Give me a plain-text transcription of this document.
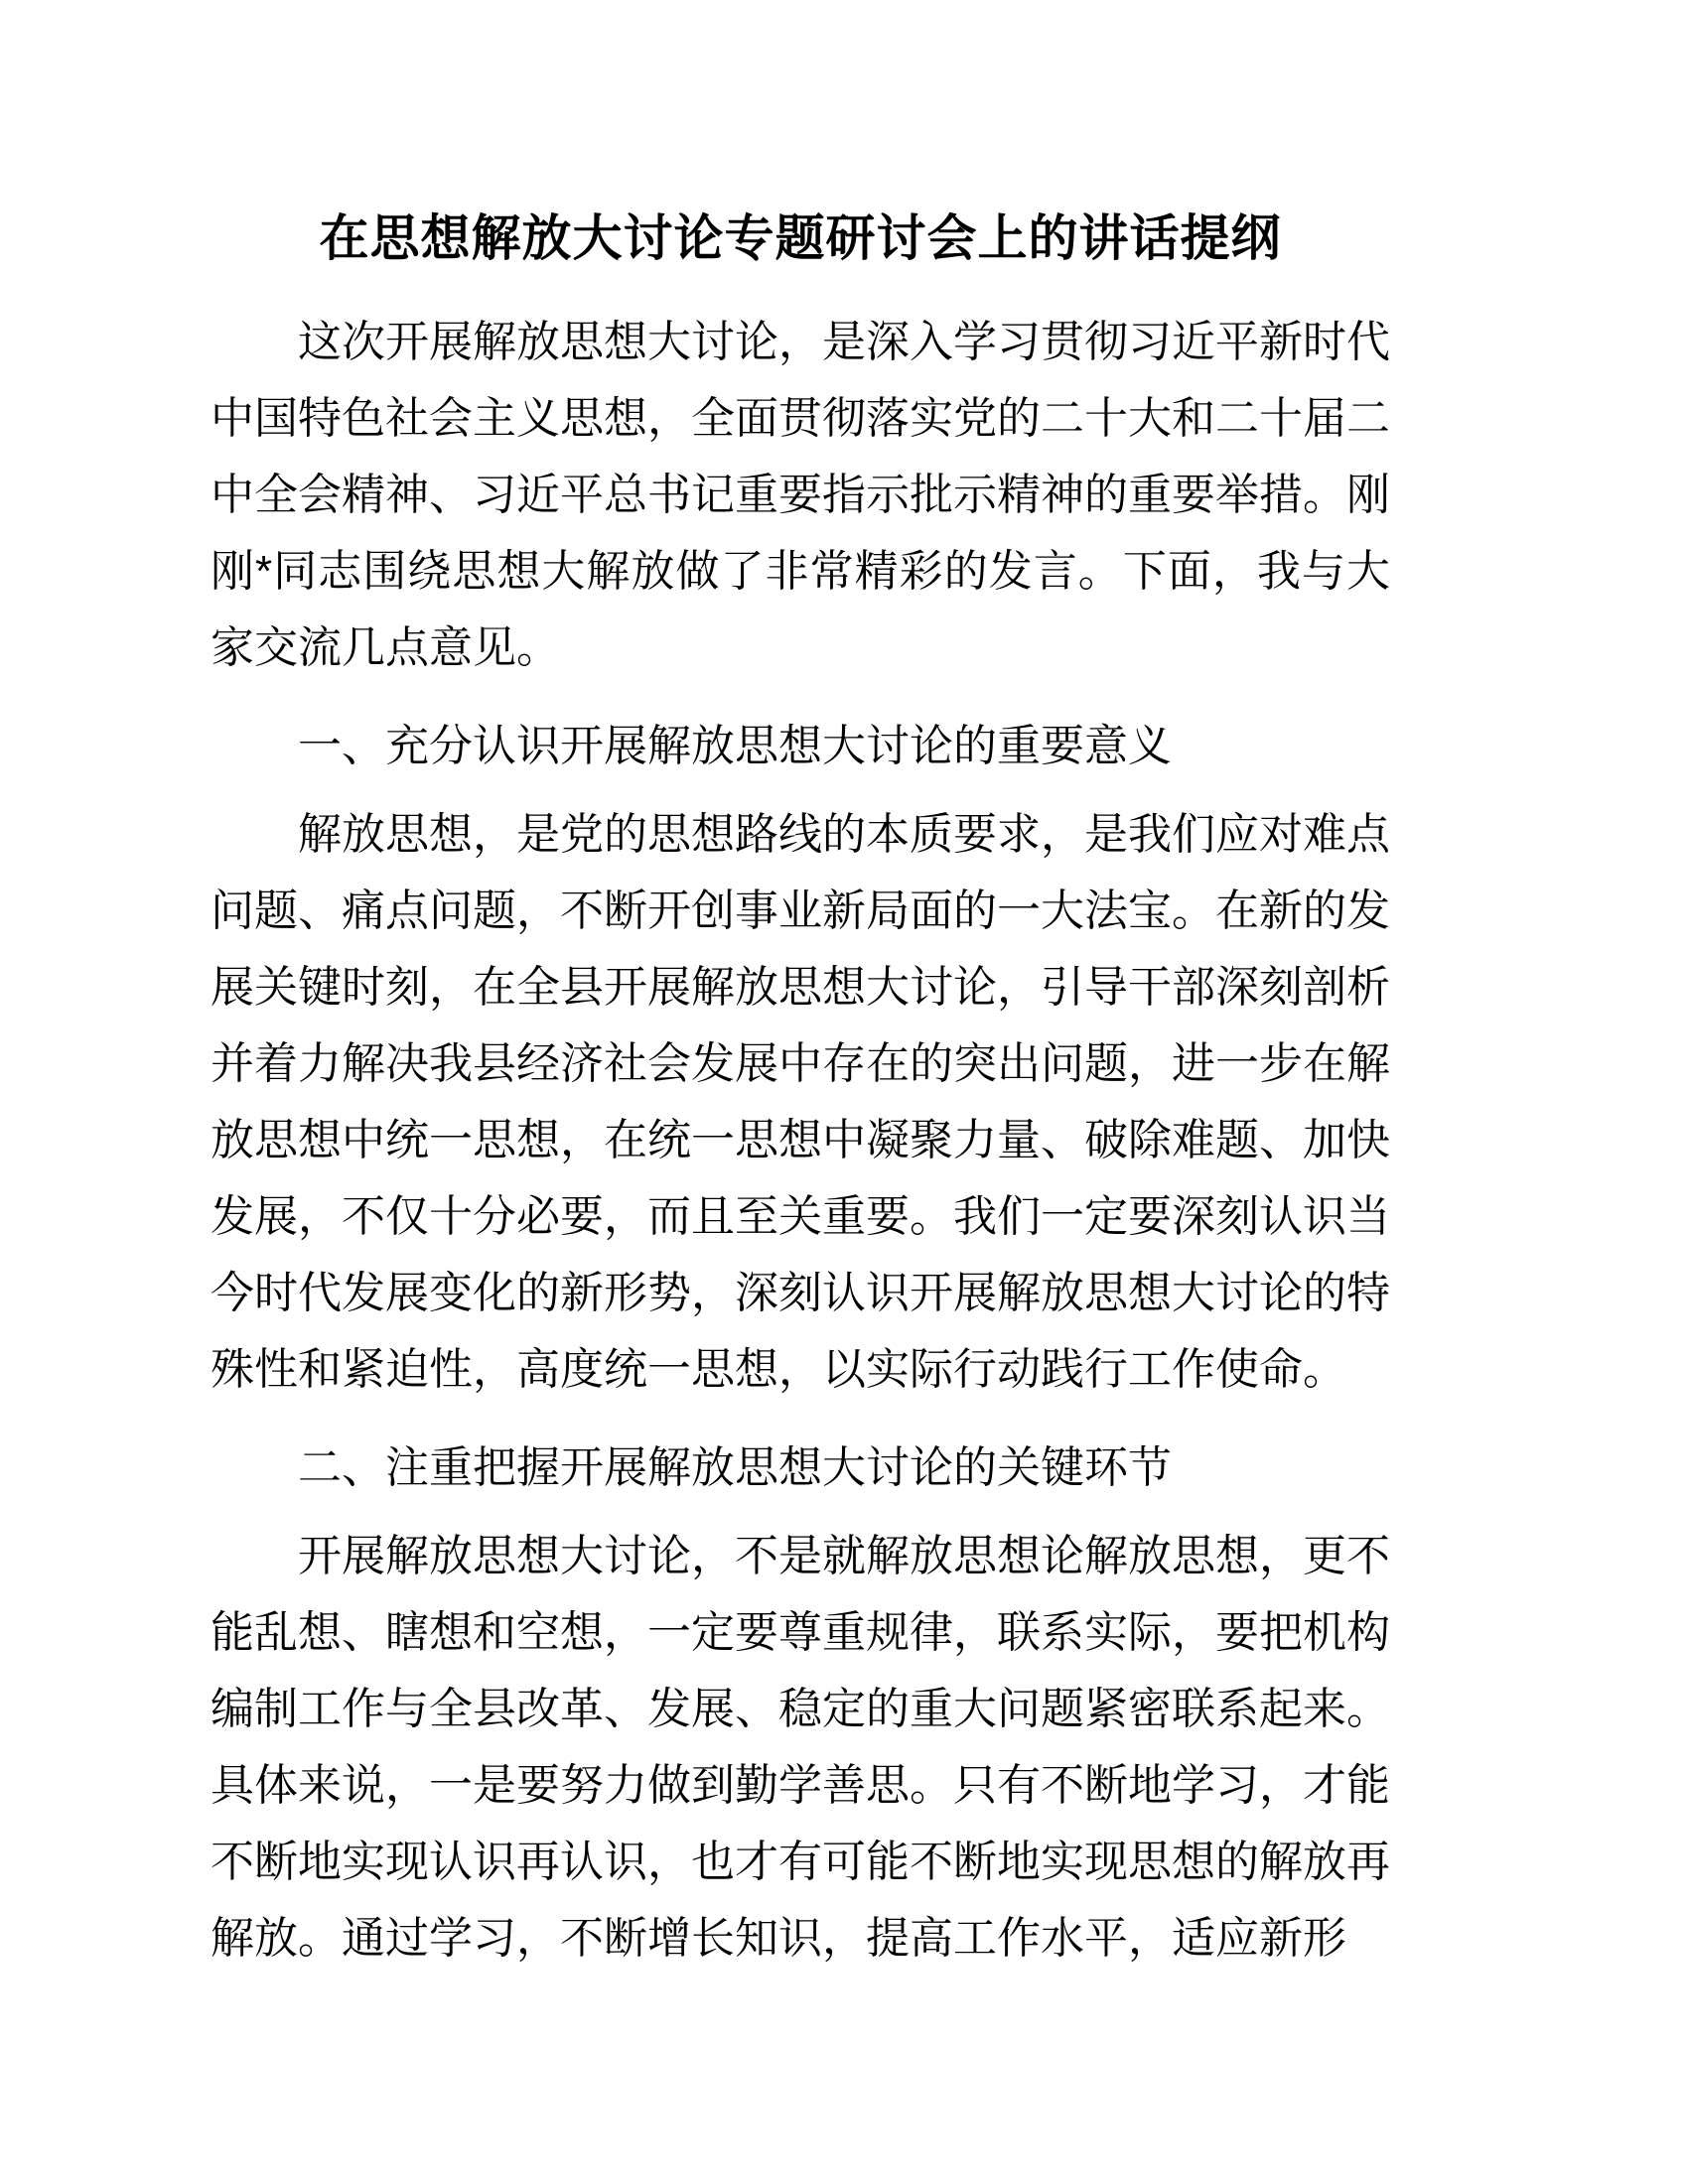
在思想解放大讨论专题研讨会上的讲话提纲
这次开展解放思想大讨论，是深入学习贯彻习近平新时代
中国特色社会主义思想，全面贯彻落实党的二十大和二十届二
中全会精神、习近平总书记重要指示批示精神的重要举措。刚
刚*同志围绕思想大解放做了非常精彩的发言。下面，我与大
家交流几点意见。
一、充分认识开展解放思想大讨论的重要意义
解放思想，是党的思想路线的本质要求，是我们应对难点
问题、痛点问题，不断开创事业新局面的一大法宝。在新的发
展关键时刻，在全县开展解放思想大讨论，引导干部深刻剖析
并着力解决我县经济社会发展中存在的突出问题，进一步在解
放思想中统一思想，在统一思想中凝聚力量、破除难题、加快
发展，不仅十分必要，而且至关重要。我们一定要深刻认识当
今时代发展变化的新形势，深刻认识开展解放思想大讨论的特
殊性和紧迫性，高度统一思想，以实际行动践行工作使命。
二、注重把握开展解放思想大讨论的关键环节
开展解放思想大讨论，不是就解放思想论解放思想，更不
能乱想、瞎想和空想，一定要尊重规律，联系实际，要把机构
编制工作与全县改革、发展、稳定的重大问题紧密联系起来。
具体来说，一是要努力做到勤学善思。只有不断地学习，才能
不断地实现认识再认识，也才有可能不断地实现思想的解放再
解放。通过学习，不断增长知识，提高工作水平，适应新形
